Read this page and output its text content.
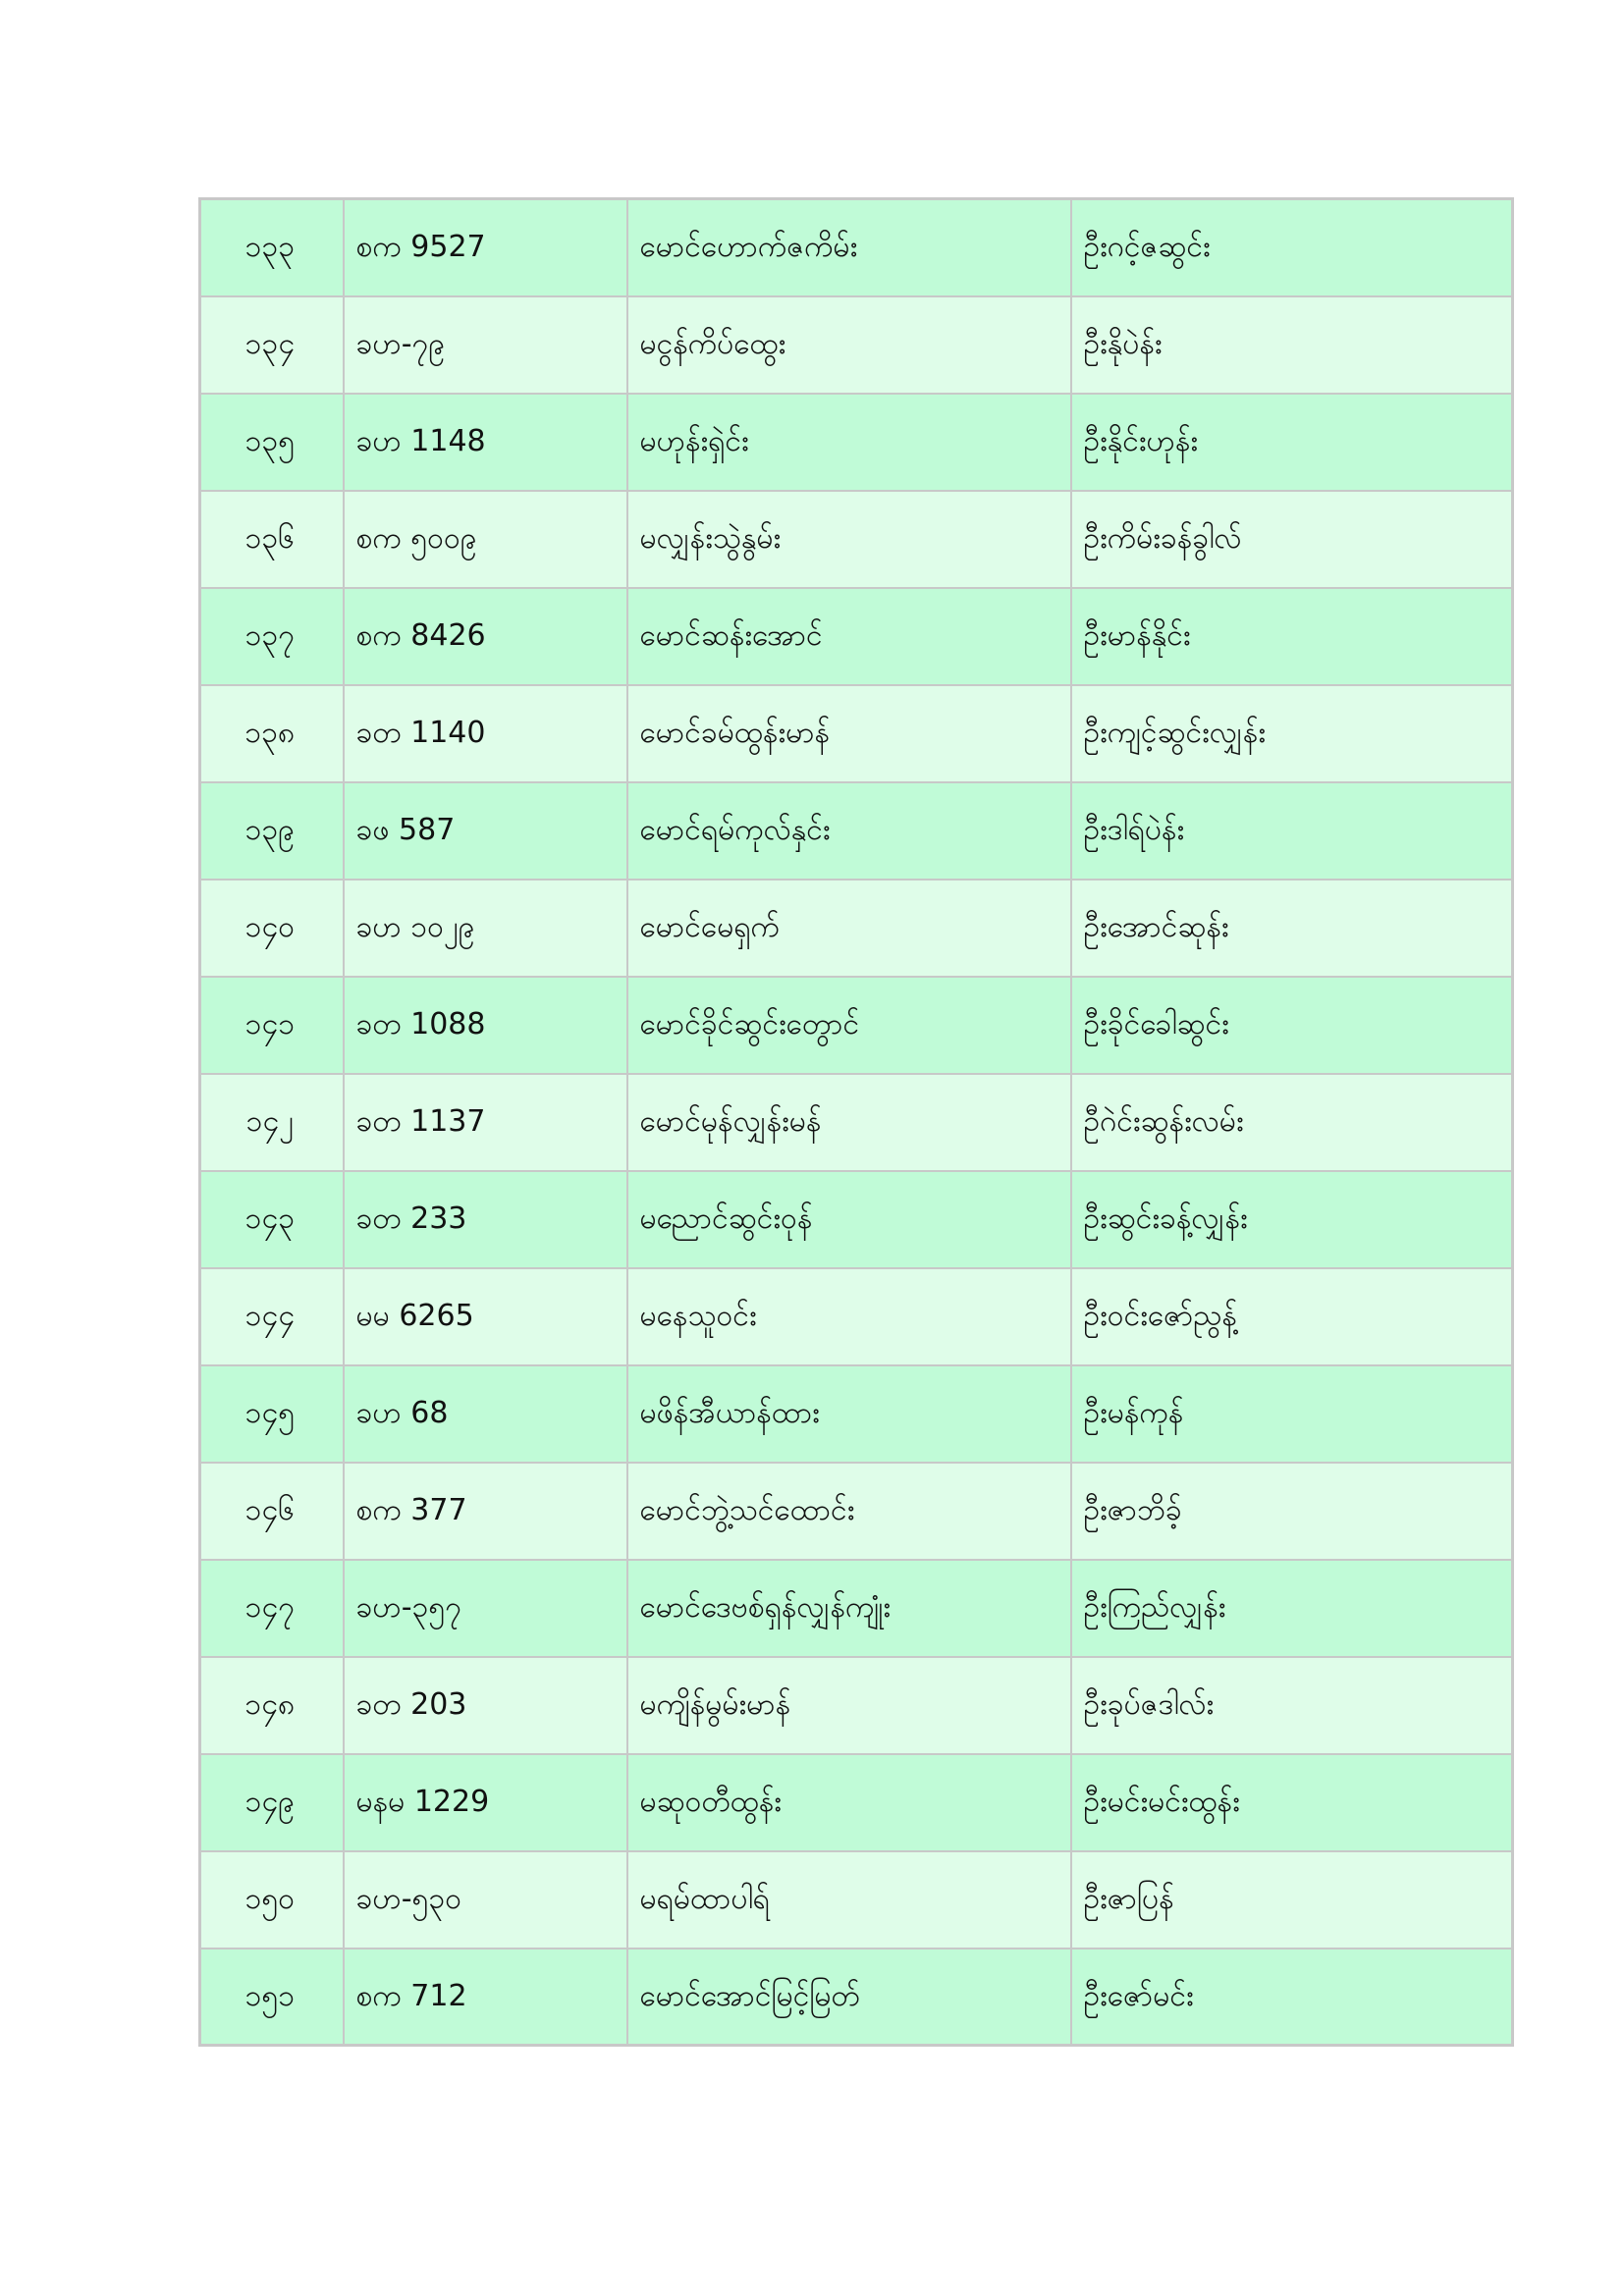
၁၃၃	စက 9527	မောင်ဟောက်ဇကိမ်း	ဦးဂင့်ဇဆွင်း
၁၃၄	ခဟ-၇၉	မငွန်ကိပ်ထွေး	ဦးနိုပဲန်း
၁၃၅	ခဟ 1148	မဟုန်းရှဲင်း	ဦးနိုင်းဟုန်း
၁၃၆	စက ၅၀၀၉	မလျှန်းသွဲနွမ်း	ဦးကိမ်းခန်ခွါလ်
၁၃၇	စက 8426	မောင်ဆန်းအောင်	ဦးမာန်နိုင်း
၁၃၈	ခတ 1140	မောင်ခမ်ထွန်းမာန်	ဦးကျင့်ဆွင်းလျှန်း
၁၃၉	ခဖ 587	မောင်ရမ်ကုလ်နှင်း	ဦးဒါရ်ပဲန်း
၁၄၀	ခဟ ၁၀၂၉	မောင်မေရှက်	ဦးအောင်ဆုန်း
၁၄၁	ခတ 1088	မောင်ခိုင်ဆွင်းတွောင်	ဦးခိုင်ခေါဆွင်း
၁၄၂	ခတ 1137	မောင်မုန်လျှန်းမန်	ဦဂဲင်းဆွန်းလမ်း
၁၄၃	ခတ 233	မညောင်ဆွင်းဝုန်	ဦးဆွင်းခန့်လျှန်း
၁၄၄	မမ 6265	မနေသူဝင်း	ဦးဝင်းဇော်ညွန့်
၁၄၅	ခဟ 68	မဖိန်အီယာန်ထား	ဦးမန်ကုန်
၁၄၆	စက 377	မောင်ဘွဲ့သင်ထောင်း	ဦးဇာဘိခ့်
၁၄၇	ခဟ-၃၅၇	မောင်ဒေဗစ်ရှန်လျှန်ကျုံး	ဦးကြည်လျှန်း
၁၄၈	ခတ 203	မကျိန်မွမ်းမာန်	ဦးခုပ်ဇဒါလ်း
၁၄၉	မနမ 1229	မဆုဝတီထွန်း	ဦးမင်းမင်းထွန်း
၁၅၀	ခဟ-၅၃၀	မရမ်ထာပါရ်	ဦးဇာပြန်
၁၅၁	စက 712	မောင်အောင်မြင့်မြတ်	ဦးဇော်မင်း
